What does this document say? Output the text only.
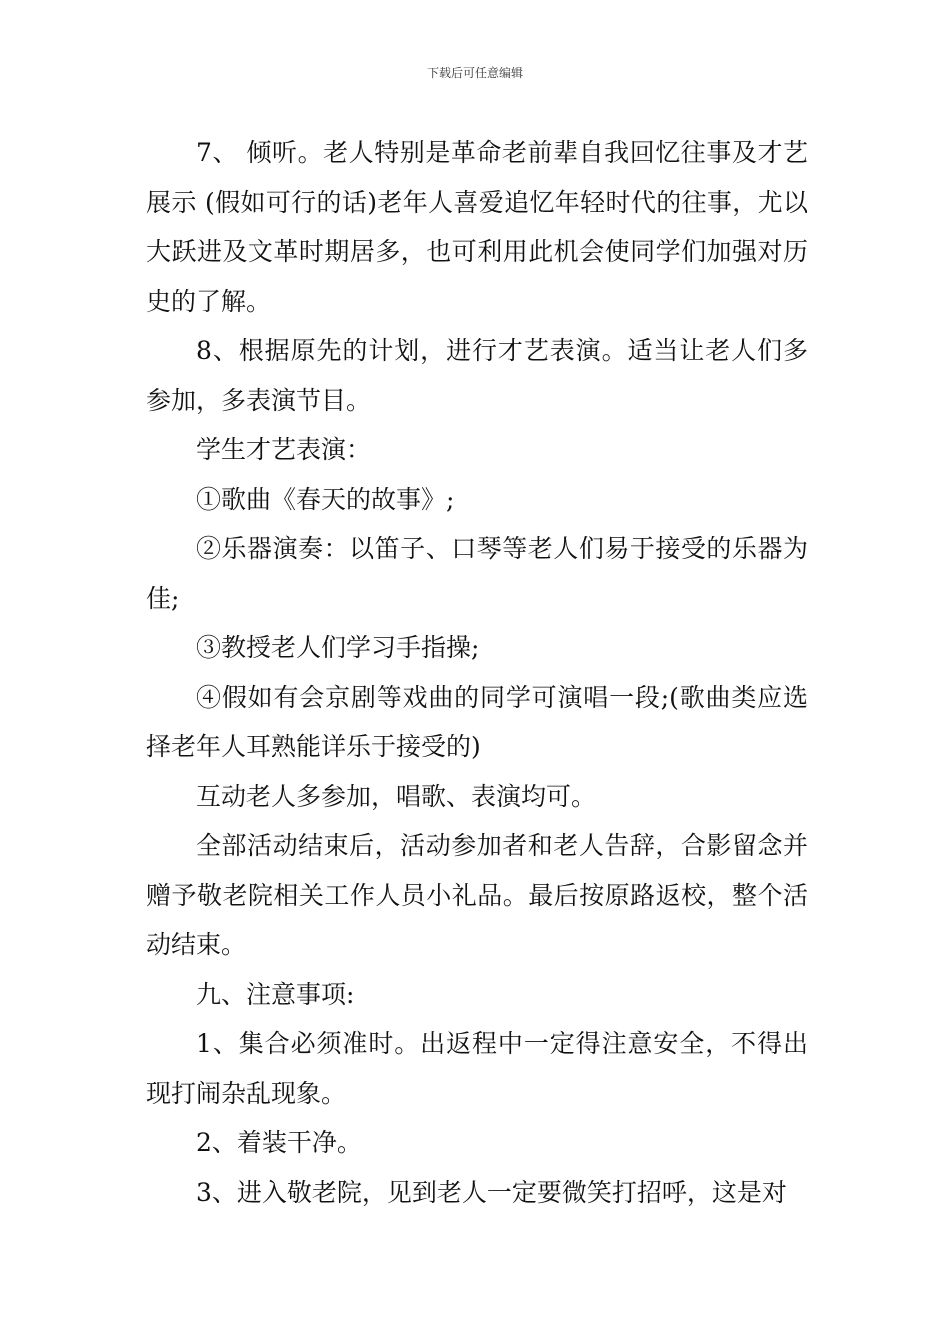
下载后可任意编辑

7、 倾听。老人特别是革命老前辈自我回忆往事及才艺展示 (假如可行的话)老年人喜爱追忆年轻时代的往事，尤以大跃进及文革时期居多，也可利用此机会使同学们加强对历史的了解。

8、根据原先的计划，进行才艺表演。适当让老人们多参加，多表演节目。

学生才艺表演：

①歌曲《春天的故事》;

②乐器演奏：以笛子、口琴等老人们易于接受的乐器为佳;

③教授老人们学习手指操;

④假如有会京剧等戏曲的同学可演唱一段;(歌曲类应选择老年人耳熟能详乐于接受的)

互动老人多参加，唱歌、表演均可。

全部活动结束后，活动参加者和老人告辞，合影留念并赠予敬老院相关工作人员小礼品。最后按原路返校，整个活动结束。

九、注意事项:

1、集合必须准时。出返程中一定得注意安全，不得出现打闹杂乱现象。

2、着装干净。

3、进入敬老院，见到老人一定要微笑打招呼，这是对
